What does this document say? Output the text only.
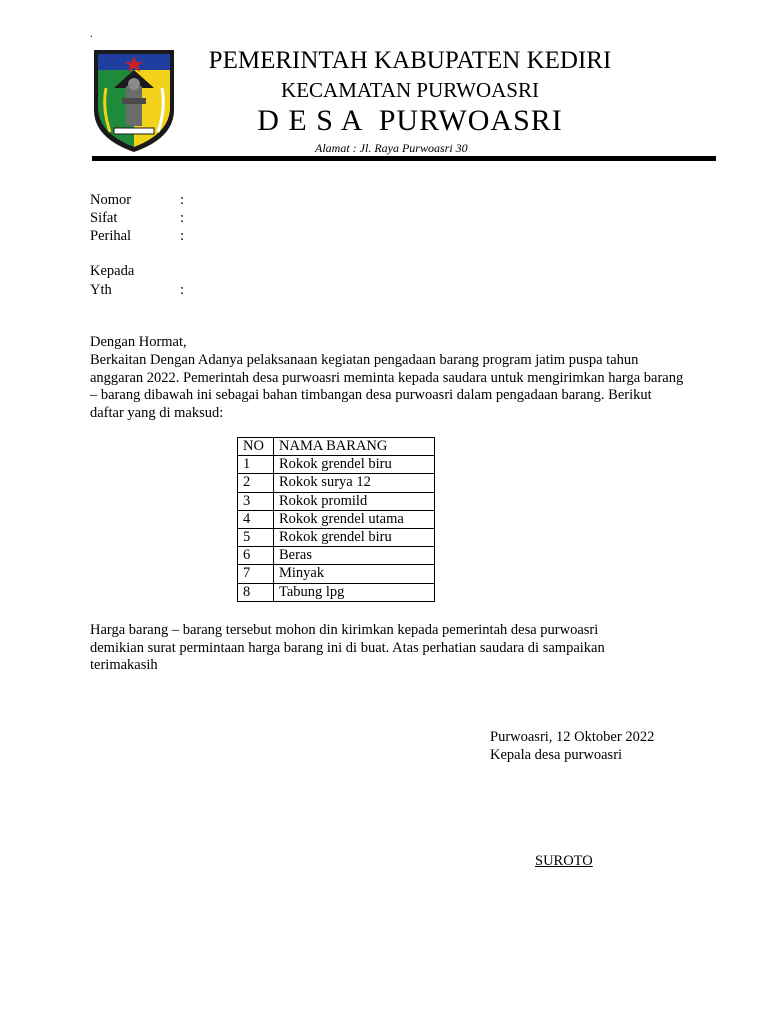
.
PEMERINTAH KABUPATEN KEDIRI
KECAMATAN PURWOASRI
D E S A  PURWOASRI
Alamat : Jl. Raya Purwoasri 30
Nomor	:
Sifat	:
Perihal	:
Kepada
Yth	:
Dengan Hormat,
Berkaitan Dengan Adanya pelaksanaan kegiatan pengadaan barang program jatim puspa tahun anggaran 2022. Pemerintah desa purwoasri meminta kepada saudara untuk mengirimkan harga barang – barang dibawah ini sebagai bahan timbangan desa purwoasri dalam pengadaan barang. Berikut daftar yang di maksud:
NO	NAMA BARANG
1	Rokok grendel biru
2	Rokok surya 12
3	Rokok promild
4	Rokok grendel utama
5	Rokok grendel biru
6	Beras
7	Minyak
8	Tabung lpg
Harga barang – barang tersebut mohon din kirimkan kepada pemerintah desa purwoasri demikian surat permintaan harga barang ini di buat. Atas perhatian saudara di sampaikan terimakasih
Purwoasri, 12 Oktober 2022
Kepala desa purwoasri
SUROTO
